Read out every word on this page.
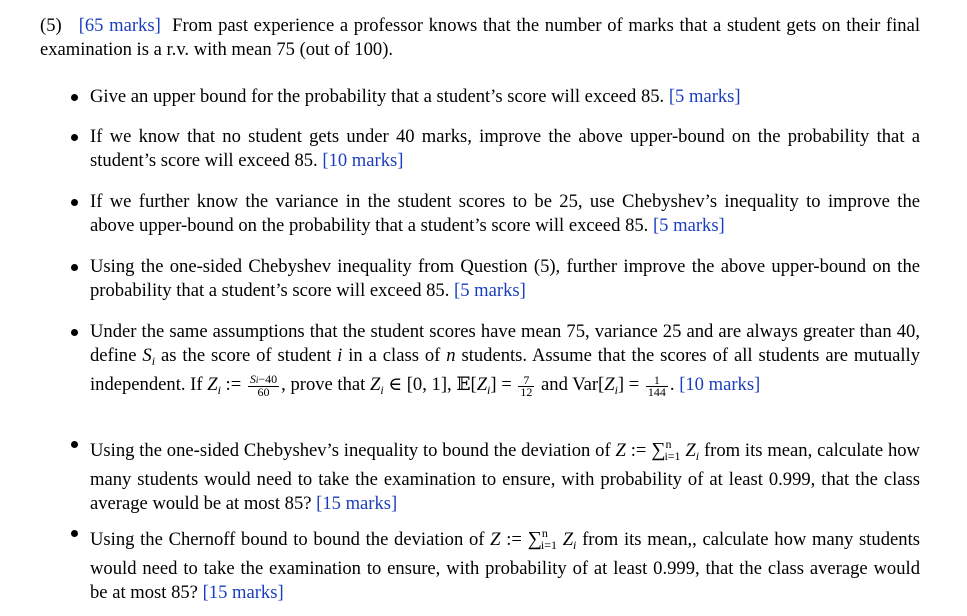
(5) [65 marks] From past experience a professor knows that the number of marks that a student gets on their final examination is a r.v. with mean 75 (out of 100).
Give an upper bound for the probability that a student’s score will exceed 85. [5 marks]
If we know that no student gets under 40 marks, improve the above upper-bound on the probability that a student’s score will exceed 85. [10 marks]
If we further know the variance in the student scores to be 25, use Chebyshev’s inequality to improve the above upper-bound on the probability that a student’s score will exceed 85. [5 marks]
Using the one-sided Chebyshev inequality from Question (5), further improve the above upper-bound on the probability that a student’s score will exceed 85. [5 marks]
Under the same assumptions that the student scores have mean 75, variance 25 and are always greater than 40, define $S_i$ as the score of student i in a class of n students. Assume that the scores of all students are mutually independent. If $Z_i$ := $\frac{Si-40}{60}$ , prove that $Z_i$ ∈ [0, 1], $𝔼[Z_i] = \frac{7}{12}$ and $Var[Z_i] = \frac{1}{144}$ . [10 marks]
Using the one-sided Chebyshev’s inequality to bound the deviation of Z := ∑$^n_{i=1}$ $Z_i$ from its mean, calculate how many students would need to take the examination to ensure, with probability of at least 0.999, that the class average would be at most 85? [15 marks]
Using the Chernoff bound to bound the deviation of Z := ∑$^n_{i=1}$ $Z_i$ from its mean,, calculate how many students would need to take the examination to ensure, with probability of at least 0.999, that the class average would be at most 85? [15 marks]
